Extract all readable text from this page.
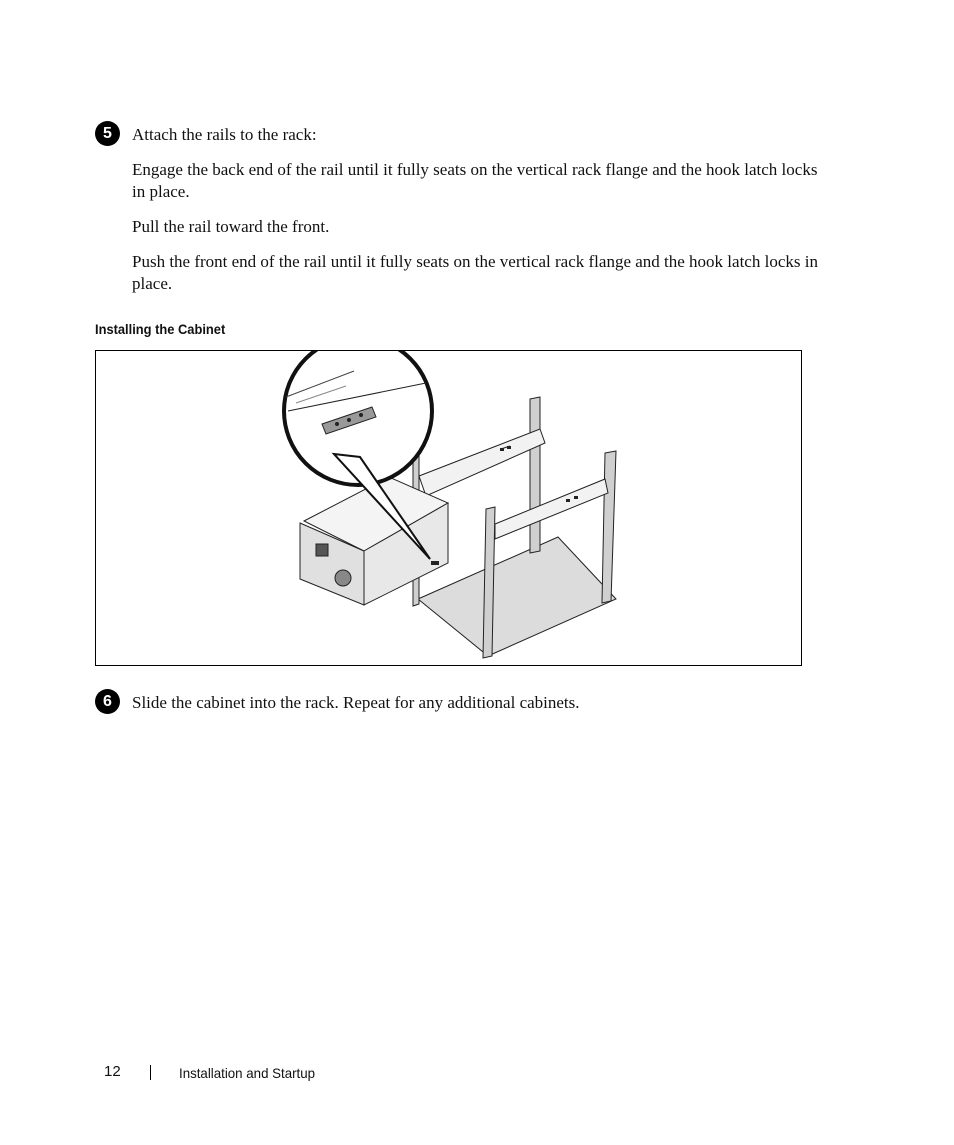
5	Attach the rails to the rack:

Engage the back end of the rail until it fully seats on the vertical rack flange and the hook latch locks in place.

Pull the rail toward the front.

Push the front end of the rail until it fully seats on the vertical rack flange and the hook latch locks in place.

Installing the Cabinet
6	Slide the cabinet into the rack. Repeat for any additional cabinets.

12	Installation and Startup
